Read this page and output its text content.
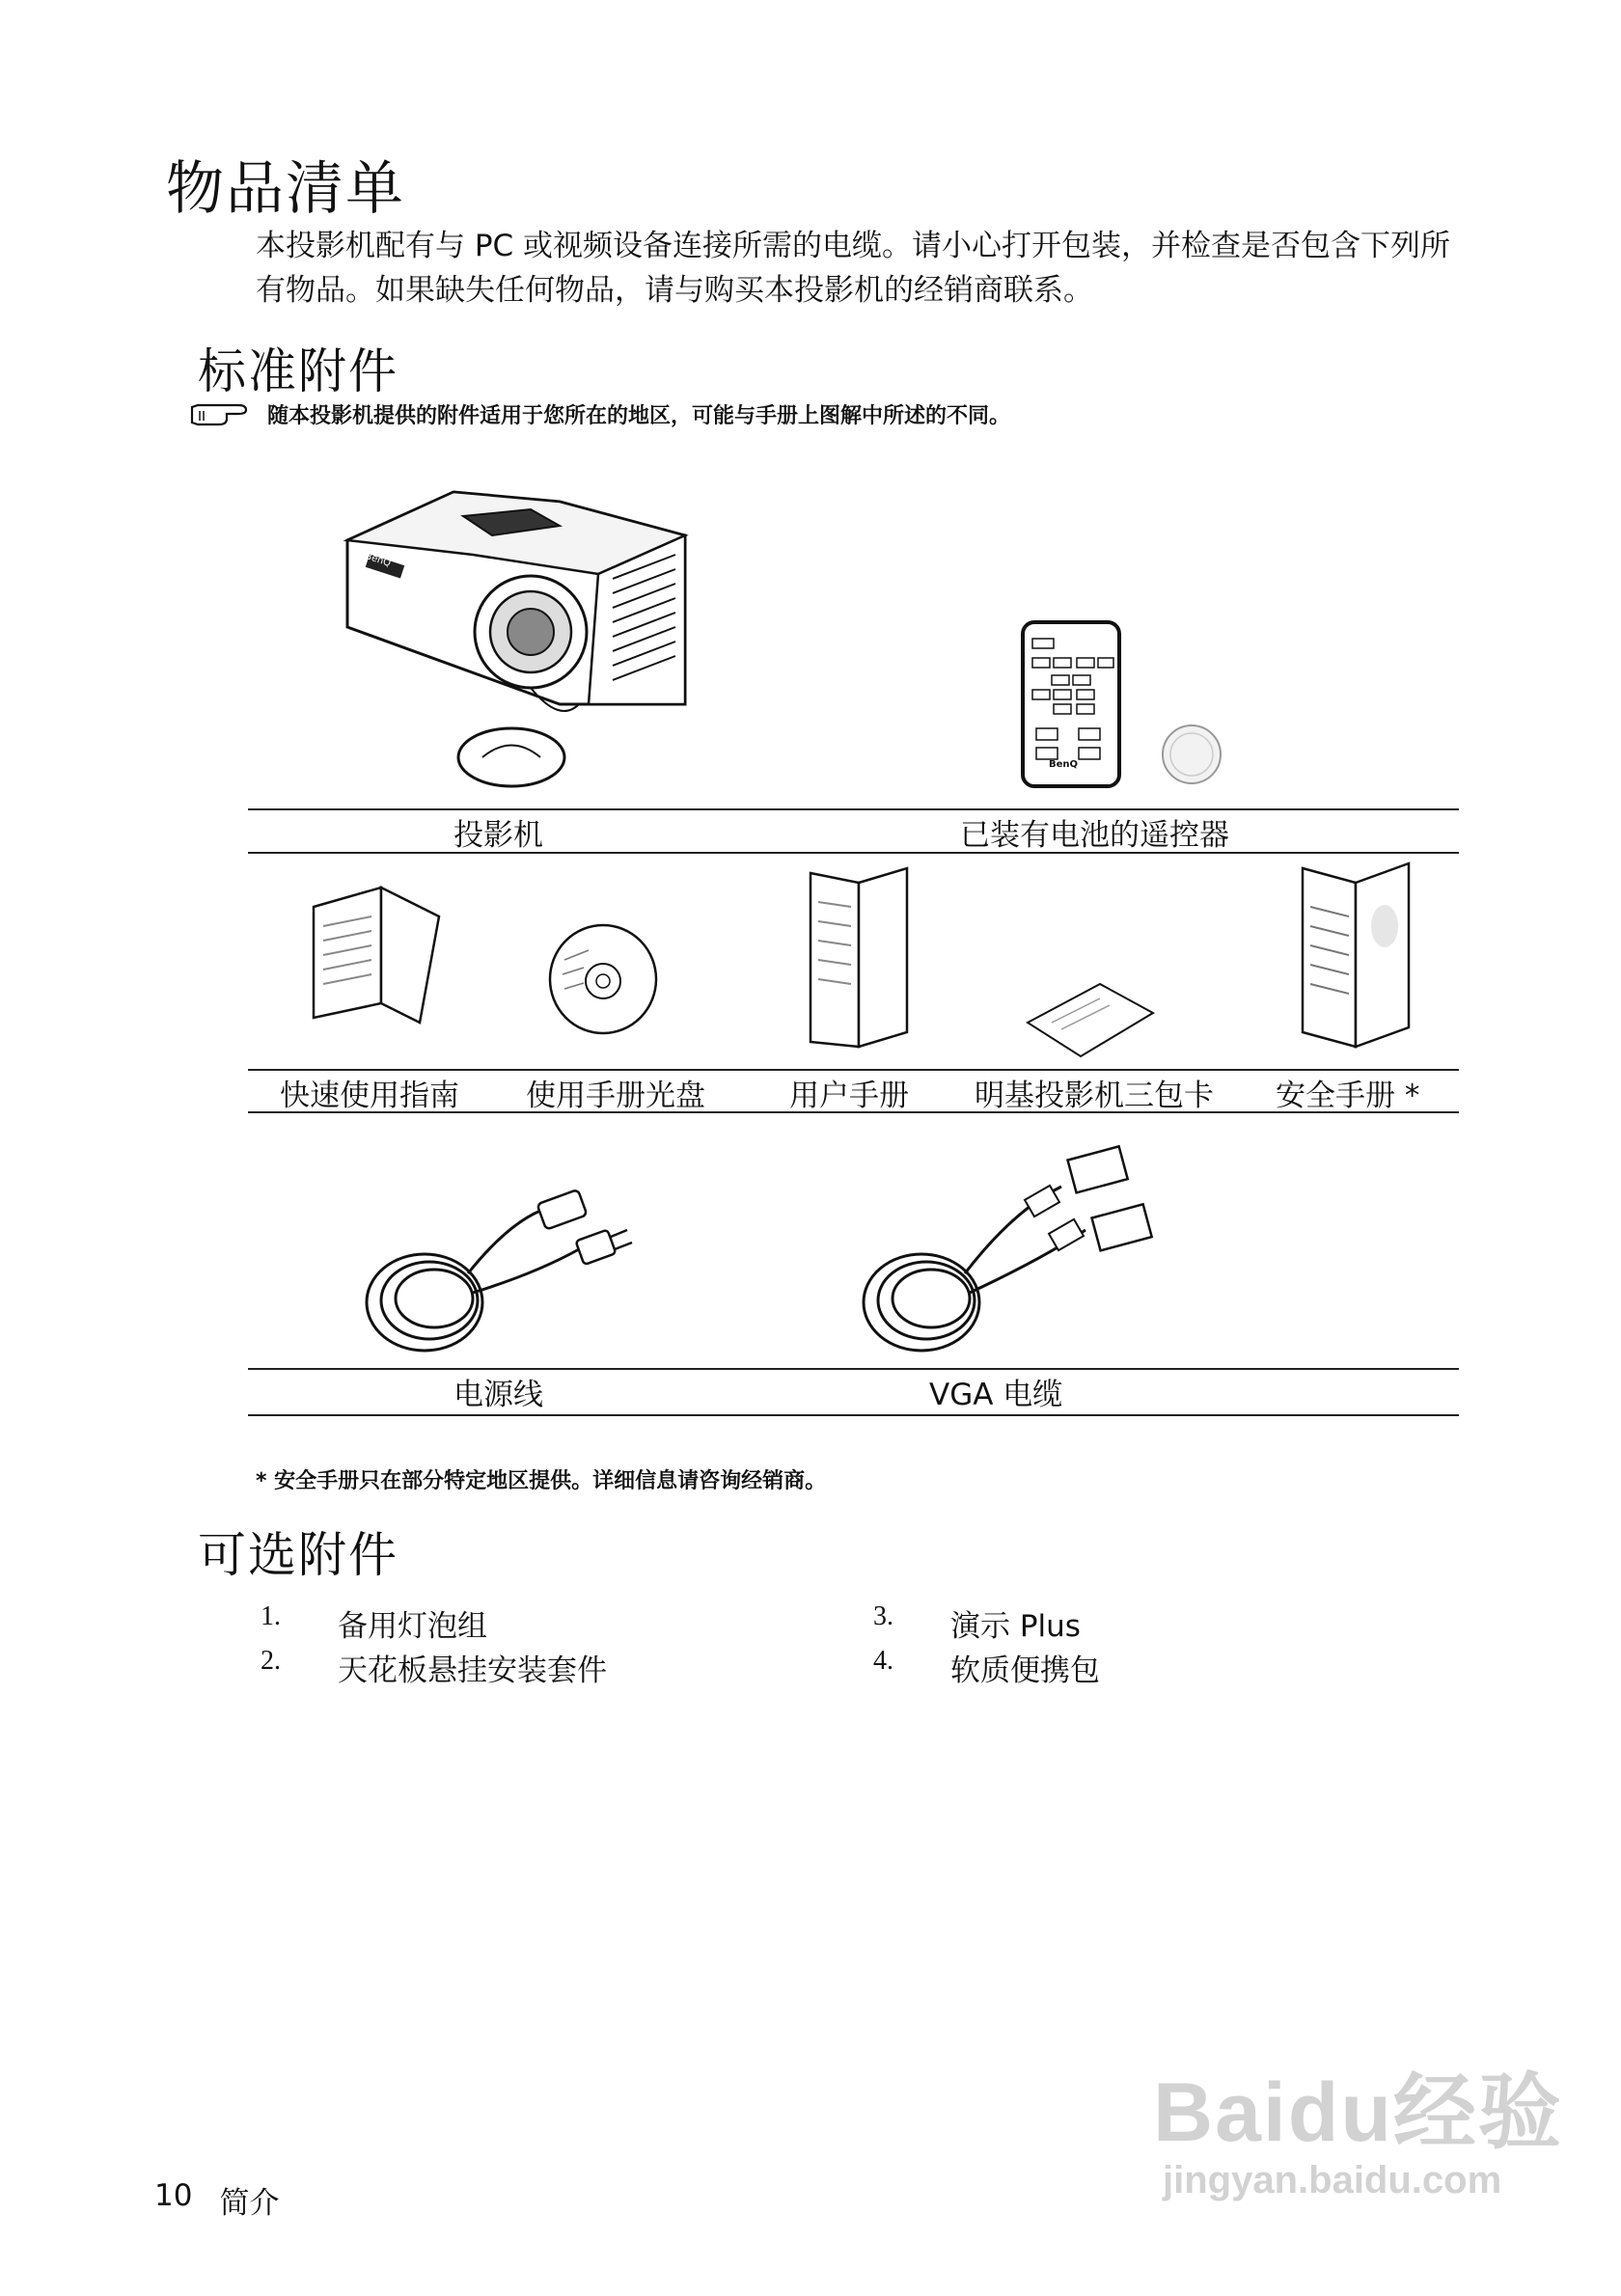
物品清单

本投影机配有与 PC 或视频设备连接所需的电缆。请小心打开包装，并检查是否包含下列所有物品。如果缺失任何物品，请与购买本投影机的经销商联系。

标准附件
随本投影机提供的附件适用于您所在的地区，可能与手册上图解中所述的不同。
BenQ
BenQ
投影机	已装有电池的遥控器
快速使用指南 使用手册光盘	用户手册 明基投影机三包卡 安全手册 *
电源线	VGA 电缆
* 安全手册只在部分特定地区提供。详细信息请咨询经销商。
可选附件
1.	备用灯泡组
2.	天花板悬挂安装套件
3.	演示 Plus
4.	软质便携包
10 简介
Baidu经验
jingyan.baidu.com
